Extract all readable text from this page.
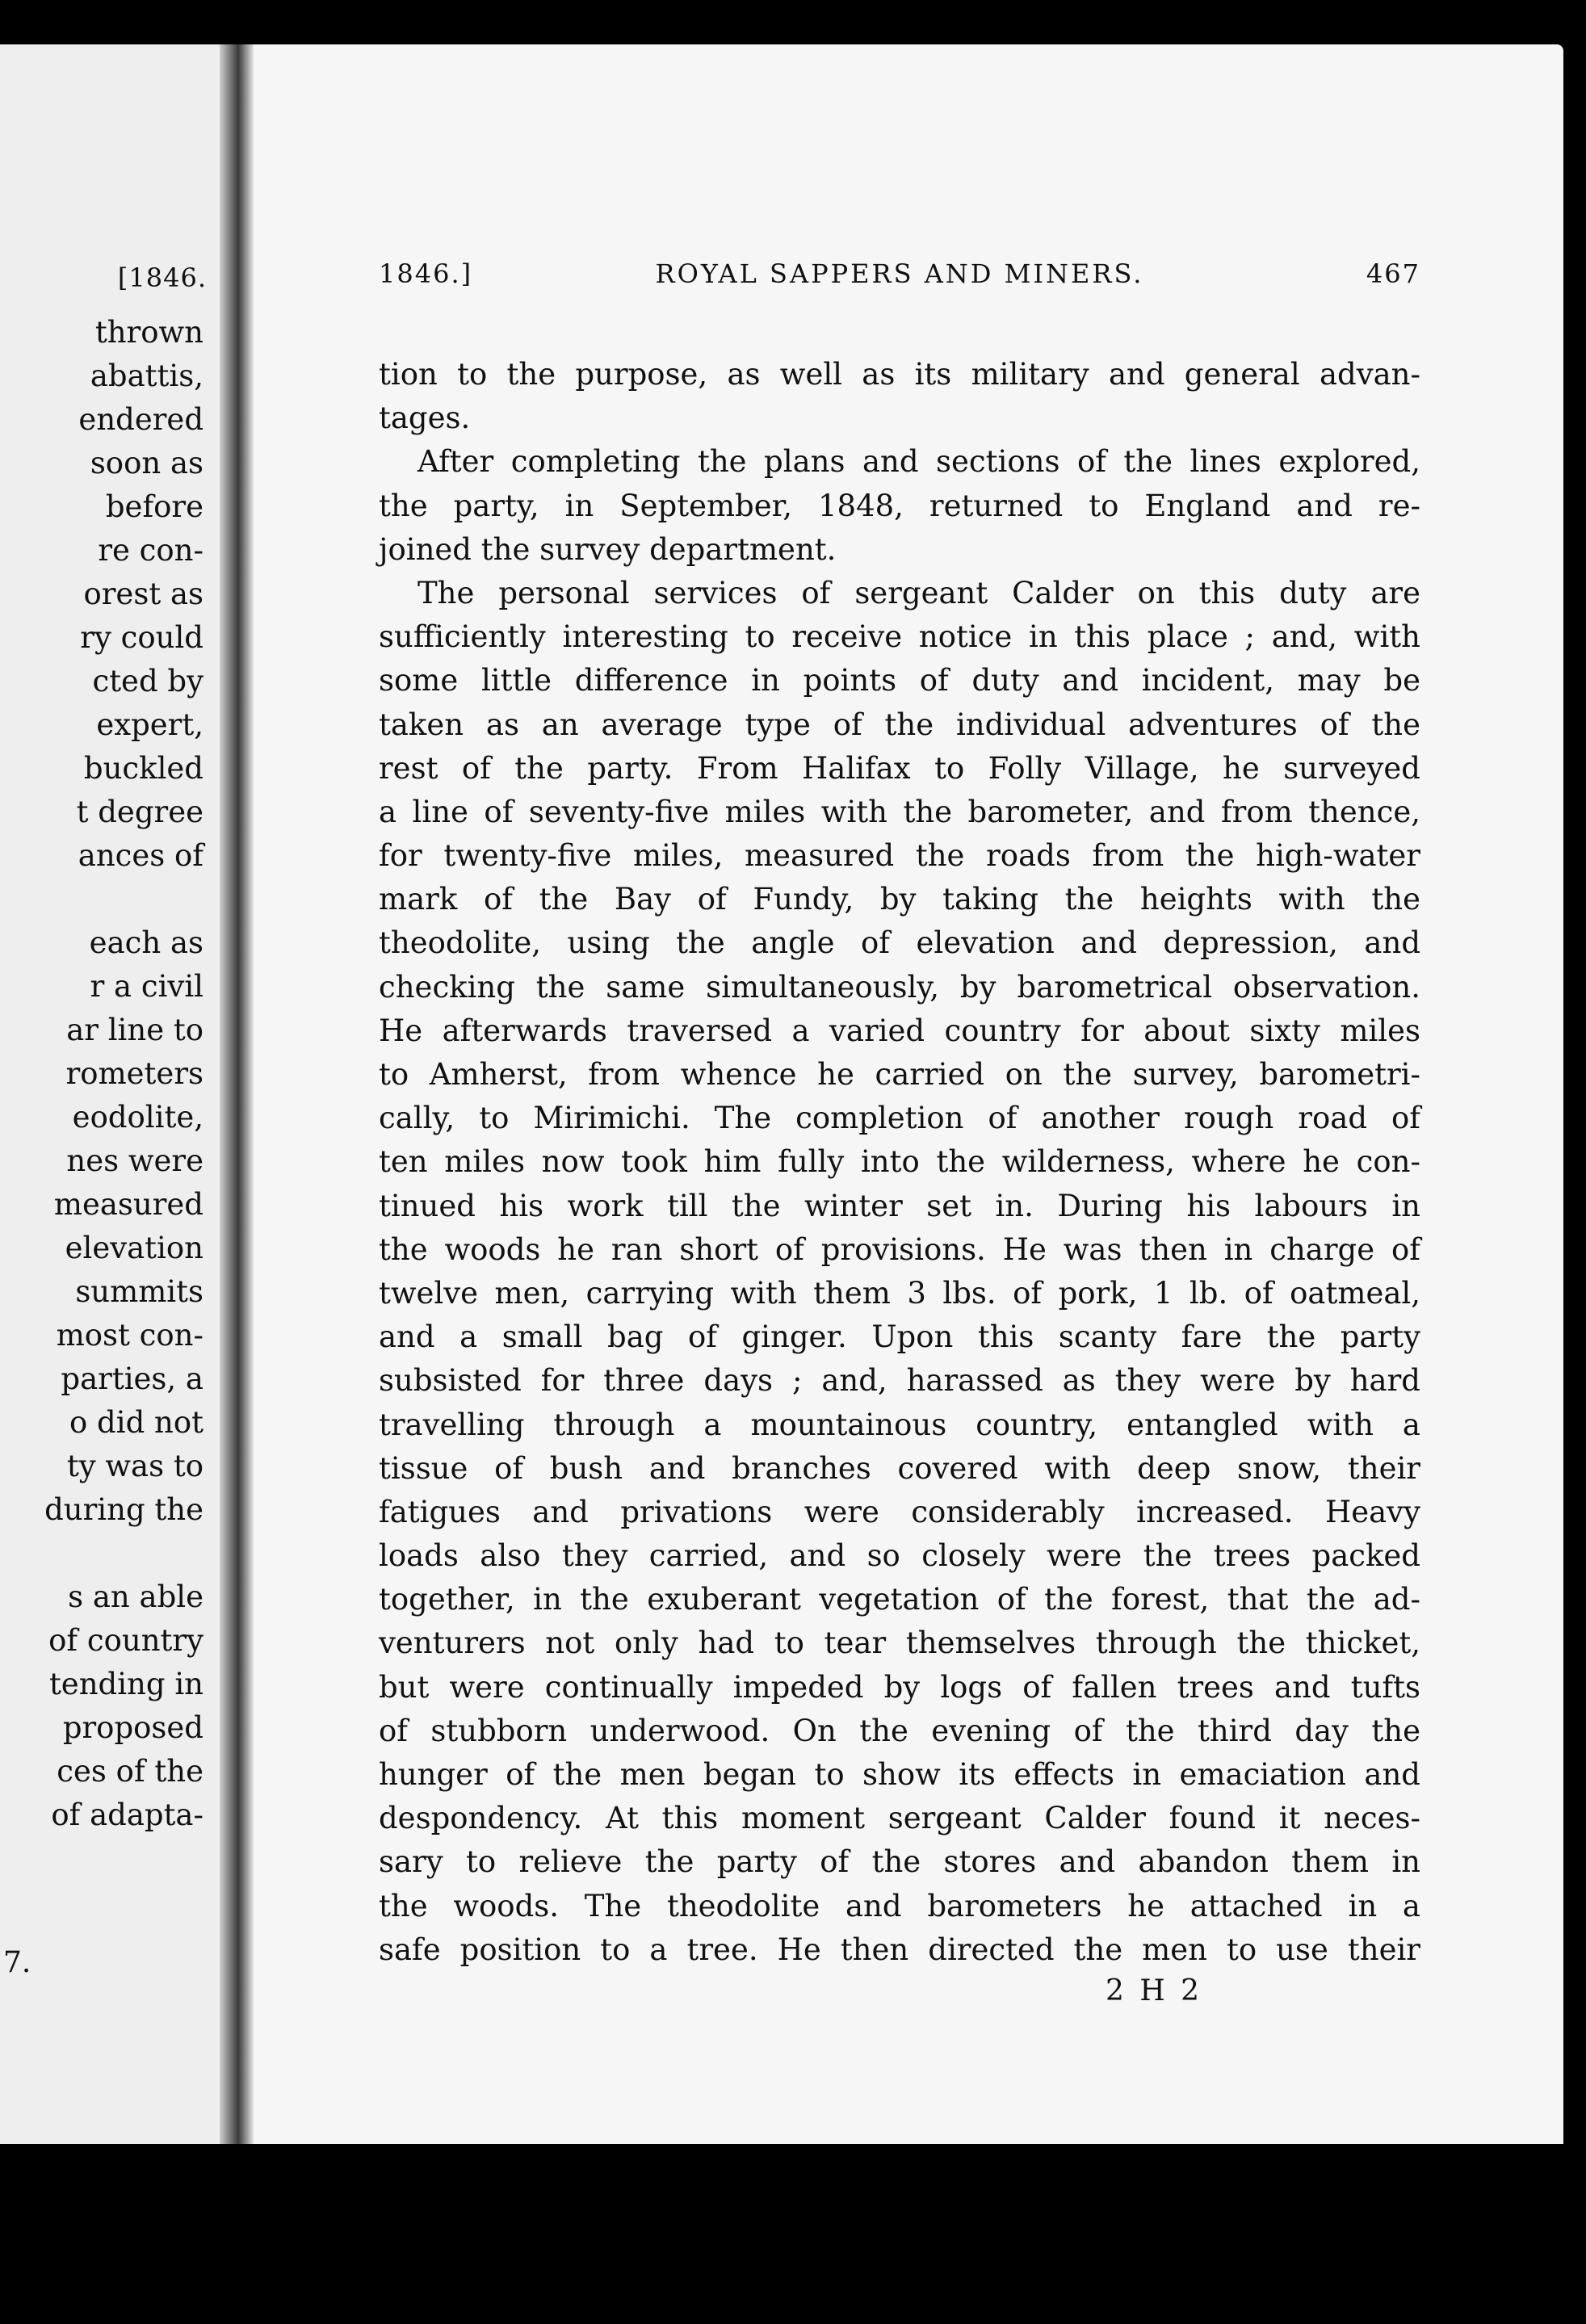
[1846.
thrown
abattis,
endered
soon as
before
re con-
orest as
ry could
cted by
expert,
buckled
t degree
ances of

each as
r a civil
ar line to
rometers
eodolite,
nes were
measured
elevation
summits
most con-
parties, a
o did not
ty was to
during the

s an able
of country
tending in
proposed
ces of the
of adapta-
7.
1846.]	ROYAL SAPPERS AND MINERS.	467
tion to the purpose, as well as its military and general advan-
tages.
After completing the plans and sections of the lines explored,
the party, in September, 1848, returned to England and re-
joined the survey department.
The personal services of sergeant Calder on this duty are
sufficiently interesting to receive notice in this place ; and, with
some little difference in points of duty and incident, may be
taken as an average type of the individual adventures of the
rest of the party. From Halifax to Folly Village, he surveyed
a line of seventy-five miles with the barometer, and from thence,
for twenty-five miles, measured the roads from the high-water
mark of the Bay of Fundy, by taking the heights with the
theodolite, using the angle of elevation and depression, and
checking the same simultaneously, by barometrical observation.
He afterwards traversed a varied country for about sixty miles
to Amherst, from whence he carried on the survey, barometri-
cally, to Mirimichi. The completion of another rough road of
ten miles now took him fully into the wilderness, where he con-
tinued his work till the winter set in. During his labours in
the woods he ran short of provisions. He was then in charge of
twelve men, carrying with them 3 lbs. of pork, 1 lb. of oatmeal,
and a small bag of ginger. Upon this scanty fare the party
subsisted for three days ; and, harassed as they were by hard
travelling through a mountainous country, entangled with a
tissue of bush and branches covered with deep snow, their
fatigues and privations were considerably increased. Heavy
loads also they carried, and so closely were the trees packed
together, in the exuberant vegetation of the forest, that the ad-
venturers not only had to tear themselves through the thicket,
but were continually impeded by logs of fallen trees and tufts
of stubborn underwood. On the evening of the third day the
hunger of the men began to show its effects in emaciation and
despondency. At this moment sergeant Calder found it neces-
sary to relieve the party of the stores and abandon them in
the woods. The theodolite and barometers he attached in a
safe position to a tree. He then directed the men to use their
2 H 2
